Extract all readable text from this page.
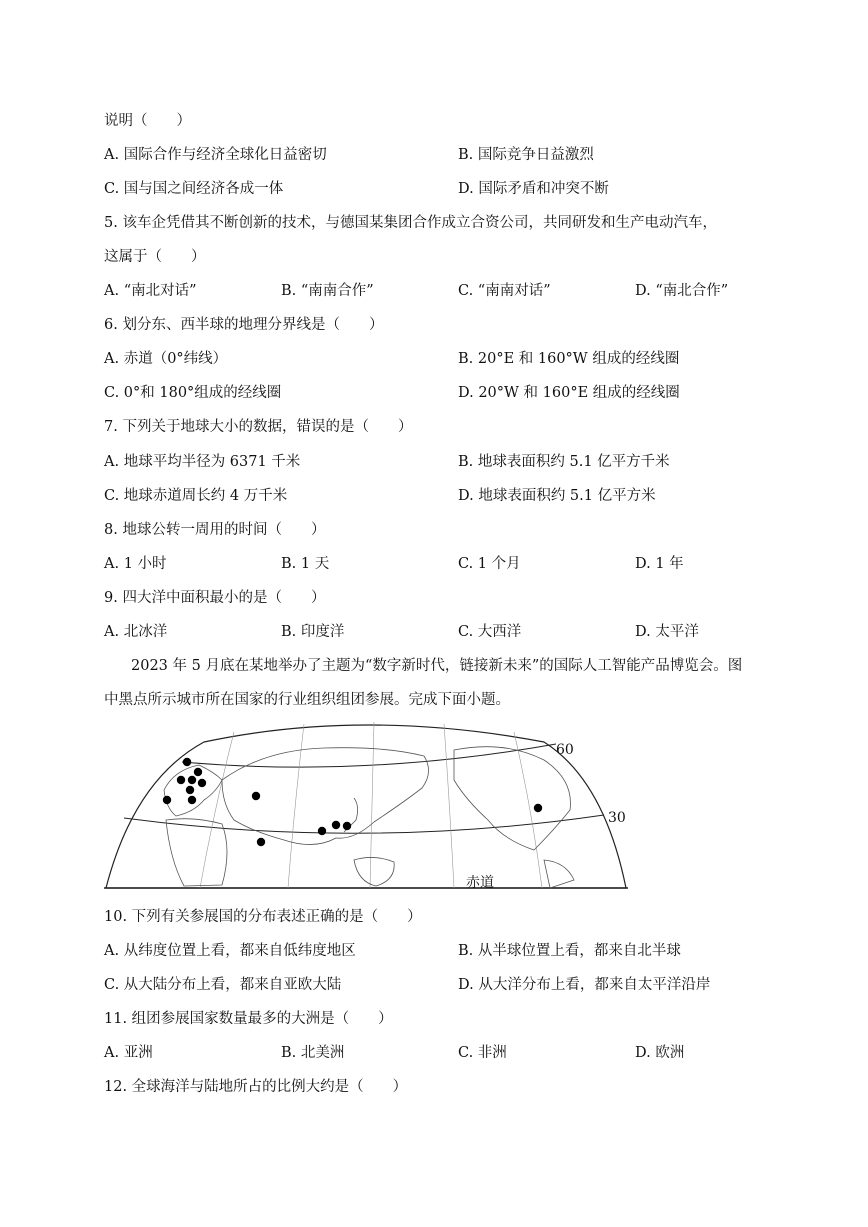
说明（　　）
A. 国际合作与经济全球化日益密切	B. 国际竞争日益激烈
C. 国与国之间经济各成一体	D. 国际矛盾和冲突不断
5. 该车企凭借其不断创新的技术，与德国某集团合作成立合资公司，共同研发和生产电动汽车，
这属于（　　）
A. “南北对话”	B. “南南合作”	C. “南南对话”	D. “南北合作”
6. 划分东、西半球的地理分界线是（　　）
A. 赤道（0°纬线）	B. 20°E 和 160°W 组成的经线圈
C. 0°和 180°组成的经线圈	D. 20°W 和 160°E 组成的经线圈
7. 下列关于地球大小的数据，错误的是（　　）
A. 地球平均半径为 6371 千米	B. 地球表面积约 5.1 亿平方千米
C. 地球赤道周长约 4 万千米	D. 地球表面积约 5.1 亿平方米
8. 地球公转一周用的时间（　　）
A. 1 小时	B. 1 天	C. 1 个月	D. 1 年
9. 四大洋中面积最小的是（　　）
A. 北冰洋	B. 印度洋	C. 大西洋	D. 太平洋
2023 年 5 月底在某地举办了主题为“数字新时代，链接新未来”的国际人工智能产品博览会。图
中黑点所示城市所在国家的行业组织组团参展。完成下面小题。
60
30
赤道
10. 下列有关参展国的分布表述正确的是（　　）
A. 从纬度位置上看，都来自低纬度地区	B. 从半球位置上看，都来自北半球
C. 从大陆分布上看，都来自亚欧大陆	D. 从大洋分布上看，都来自太平洋沿岸
11. 组团参展国家数量最多的大洲是（　　）
A. 亚洲	B. 北美洲	C. 非洲	D. 欧洲
12. 全球海洋与陆地所占的比例大约是（　　）
